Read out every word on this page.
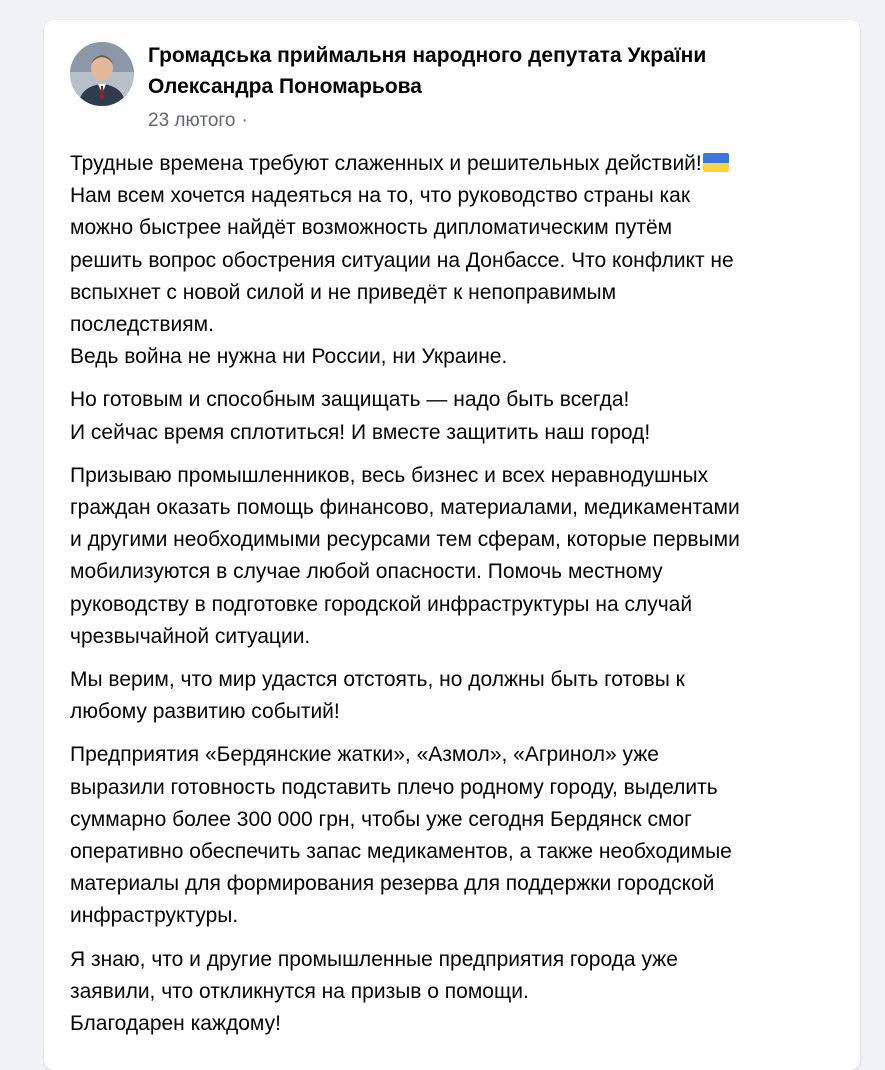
Громадська приймальня народного депутата України
Олександра Пономарьова
23 лютого ·
Трудные времена требуют слаженных и решительных действий!
Нам всем хочется надеяться на то, что руководство страны как
можно быстрее найдёт возможность дипломатическим путём
решить вопрос обострения ситуации на Донбассе. Что конфликт не
вспыхнет с новой силой и не приведёт к непоправимым
последствиям.
Ведь война не нужна ни России, ни Украине.
Но готовым и способным защищать — надо быть всегда!
И сейчас время сплотиться! И вместе защитить наш город!
Призываю промышленников, весь бизнес и всех неравнодушных
граждан оказать помощь финансово, материалами, медикаментами
и другими необходимыми ресурсами тем сферам, которые первыми
мобилизуются в случае любой опасности. Помочь местному
руководству в подготовке городской инфраструктуры на случай
чрезвычайной ситуации.
Мы верим, что мир удастся отстоять, но должны быть готовы к
любому развитию событий!
Предприятия «Бердянские жатки», «Азмол», «Агринол» уже
выразили готовность подставить плечо родному городу, выделить
суммарно более 300 000 грн, чтобы уже сегодня Бердянск смог
оперативно обеспечить запас медикаментов, а также необходимые
материалы для формирования резерва для поддержки городской
инфраструктуры.
Я знаю, что и другие промышленные предприятия города уже
заявили, что откликнутся на призыв о помощи.
Благодарен каждому!
